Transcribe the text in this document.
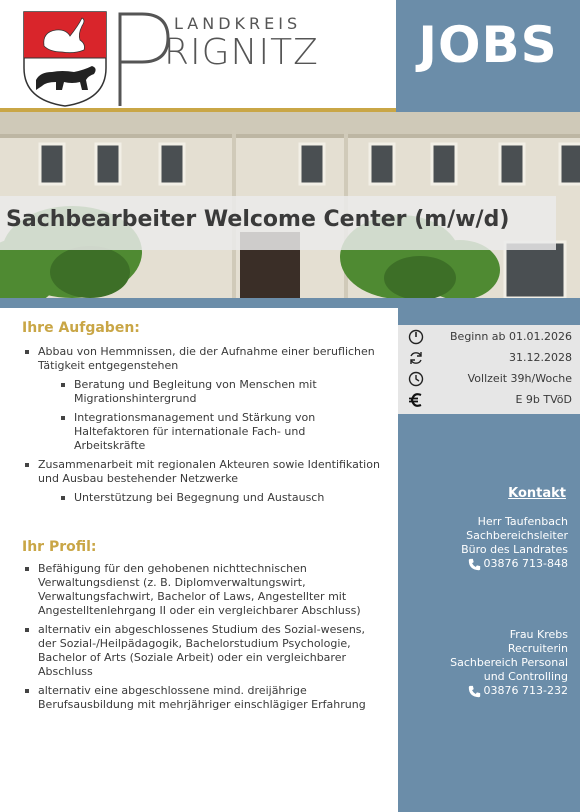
JOBS
LANDKREIS
RIGNITZ
Sachbearbeiter Welcome Center (m/w/d)
Ihre Aufgaben:
Abbau von Hemmnissen, die der Aufnahme einer beruflichen Tätigkeit entgegenstehen
Beratung und Begleitung von Menschen mit Migrationshintergrund
Integrationsmanagement und Stärkung von Haltefaktoren für internationale Fach- und Arbeitskräfte
Zusammenarbeit mit regionalen Akteuren sowie Identifikation und Ausbau bestehender Netzwerke
Unterstützung bei Begegnung und Austausch
Ihr Profil:
Befähigung für den gehobenen nichttechnischen Verwaltungsdienst (z. B. Diplomverwaltungswirt, Verwaltungsfachwirt, Bachelor of Laws, Angestellter mit Angestelltenlehrgang II oder ein vergleichbarer Abschluss)
alternativ ein abgeschlossenes Studium des Sozial-wesens, der Sozial-/Heilpädagogik, Bachelorstudium Psychologie, Bachelor of Arts (Soziale Arbeit) oder ein vergleichbarer Abschluss
alternativ eine abgeschlossene mind. dreijährige Berufsausbildung mit mehrjähriger einschlägiger Erfahrung
Beginn ab 01.01.2026
31.12.2028
Vollzeit 39h/Woche
E 9b TVöD
Kontakt
Herr Taufenbach
Sachbereichsleiter
Büro des Landrates
03876 713-848
Frau Krebs
Recruiterin
Sachbereich Personal
und Controlling
03876 713-232
